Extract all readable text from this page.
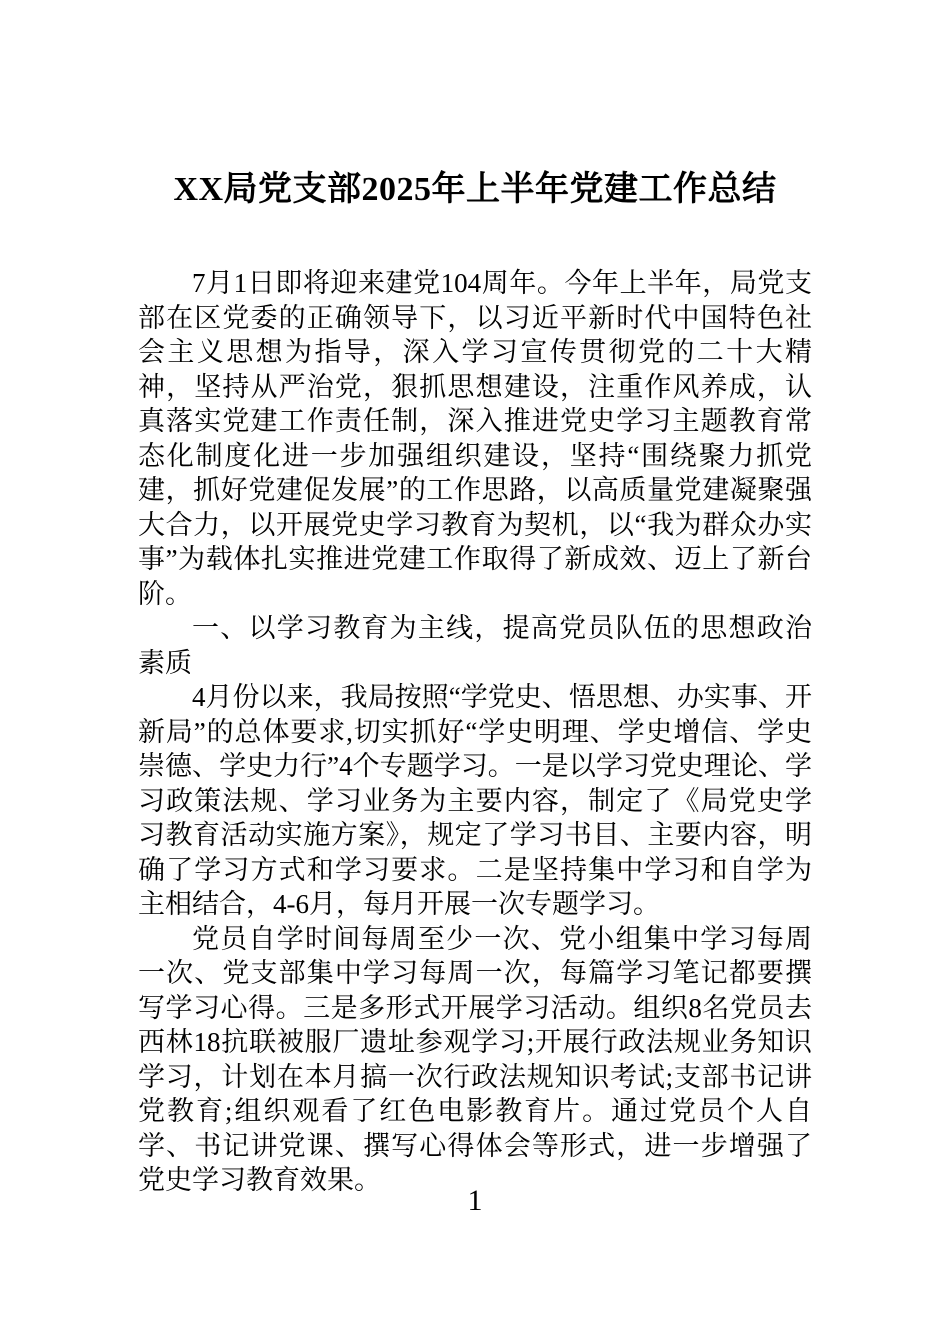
XX局党支部2025年上半年党建工作总结

7月1日即将迎来建党104周年。今年上半年，局党支部在区党委的正确领导下，以习近平新时代中国特色社会主义思想为指导，深入学习宣传贯彻党的二十大精神，坚持从严治党，狠抓思想建设，注重作风养成，认真落实党建工作责任制，深入推进党史学习主题教育常态化制度化进一步加强组织建设，坚持“围绕聚力抓党建，抓好党建促发展”的工作思路，以高质量党建凝聚强大合力，以开展党史学习教育为契机，以“我为群众办实事”为载体扎实推进党建工作取得了新成效、迈上了新台阶。

一、以学习教育为主线，提高党员队伍的思想政治素质

4月份以来，我局按照“学党史、悟思想、办实事、开新局”的总体要求,切实抓好“学史明理、学史增信、学史崇德、学史力行”4个专题学习。一是以学习党史理论、学习政策法规、学习业务为主要内容，制定了《局党史学习教育活动实施方案》，规定了学习书目、主要内容，明确了学习方式和学习要求。二是坚持集中学习和自学为主相结合，4-6月，每月开展一次专题学习。

党员自学时间每周至少一次、党小组集中学习每周一次、党支部集中学习每周一次，每篇学习笔记都要撰写学习心得。三是多形式开展学习活动。组织8名党员去西林18抗联被服厂遗址参观学习;开展行政法规业务知识学习，计划在本月搞一次行政法规知识考试;支部书记讲党教育;组织观看了红色电影教育片。通过党员个人自学、书记讲党课、撰写心得体会等形式，进一步增强了党史学习教育效果。

1
